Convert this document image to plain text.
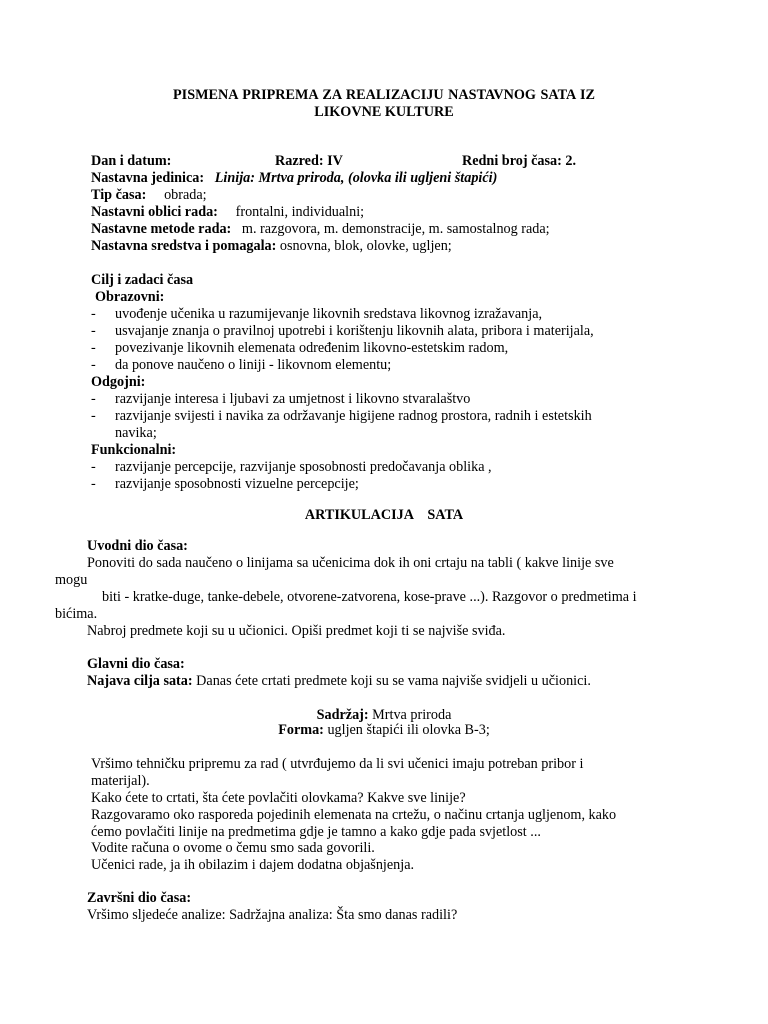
PISMENA PRIPREMA ZA REALIZACIJU NASTAVNOG SATA IZ
LIKOVNE KULTURE
Dan i datum:	Razred: IV	Redni broj časa: 2.
Nastavna jedinica: Linija: Mrtva priroda, (olovka ili ugljeni štapići)
Tip časa: obrada;
Nastavni oblici rada: frontalni, individualni;
Nastavne metode rada: m. razgovora, m. demonstracije, m. samostalnog rada;
Nastavna sredstva i pomagala: osnovna, blok, olovke, ugljen;
Cilj i zadaci časa
Obrazovni:
- uvođenje učenika u razumijevanje likovnih sredstava likovnog izražavanja,
- usvajanje znanja o pravilnoj upotrebi i korištenju likovnih alata, pribora i materijala,
- povezivanje likovnih elemenata određenim likovno-estetskim radom,
- da ponove naučeno o liniji - likovnom elementu;
Odgojni:
- razvijanje interesa i ljubavi za umjetnost i likovno stvaralaštvo
- razvijanje svijesti i navika za održavanje higijene radnog prostora, radnih i estetskih
navika;
Funkcionalni:
- razvijanje percepcije, razvijanje sposobnosti predočavanja oblika ,
- razvijanje sposobnosti vizuelne percepcije;
ARTIKULACIJA    SATA
Uvodni dio časa:
Ponoviti do sada naučeno o linijama sa učenicima dok ih oni crtaju na tabli ( kakve linije sve
mogu
biti - kratke-duge, tanke-debele, otvorene-zatvorena, kose-prave ...). Razgovor o predmetima i
bićima.
Nabroj predmete koji su u učionici. Opiši predmet koji ti se najviše sviđa.
Glavni dio časa:
Najava cilja sata: Danas ćete crtati predmete koji su se vama najviše svidjeli u učionici.
Sadržaj: Mrtva priroda
Forma: ugljen štapići ili olovka B-3;
Vršimo tehničku pripremu za rad ( utvrđujemo da li svi učenici imaju potreban pribor i
materijal).
Kako ćete to crtati, šta ćete povlačiti olovkama? Kakve sve linije?
Razgovaramo oko rasporeda pojedinih elemenata na crtežu, o načinu crtanja ugljenom, kako
ćemo povlačiti linije na predmetima gdje je tamno a kako gdje pada svjetlost ...
Vodite računa o ovome o čemu smo sada govorili.
Učenici rade, ja ih obilazim i dajem dodatna objašnjenja.
Završni dio časa:
Vršimo sljedeće analize: Sadržajna analiza: Šta smo danas radili?
